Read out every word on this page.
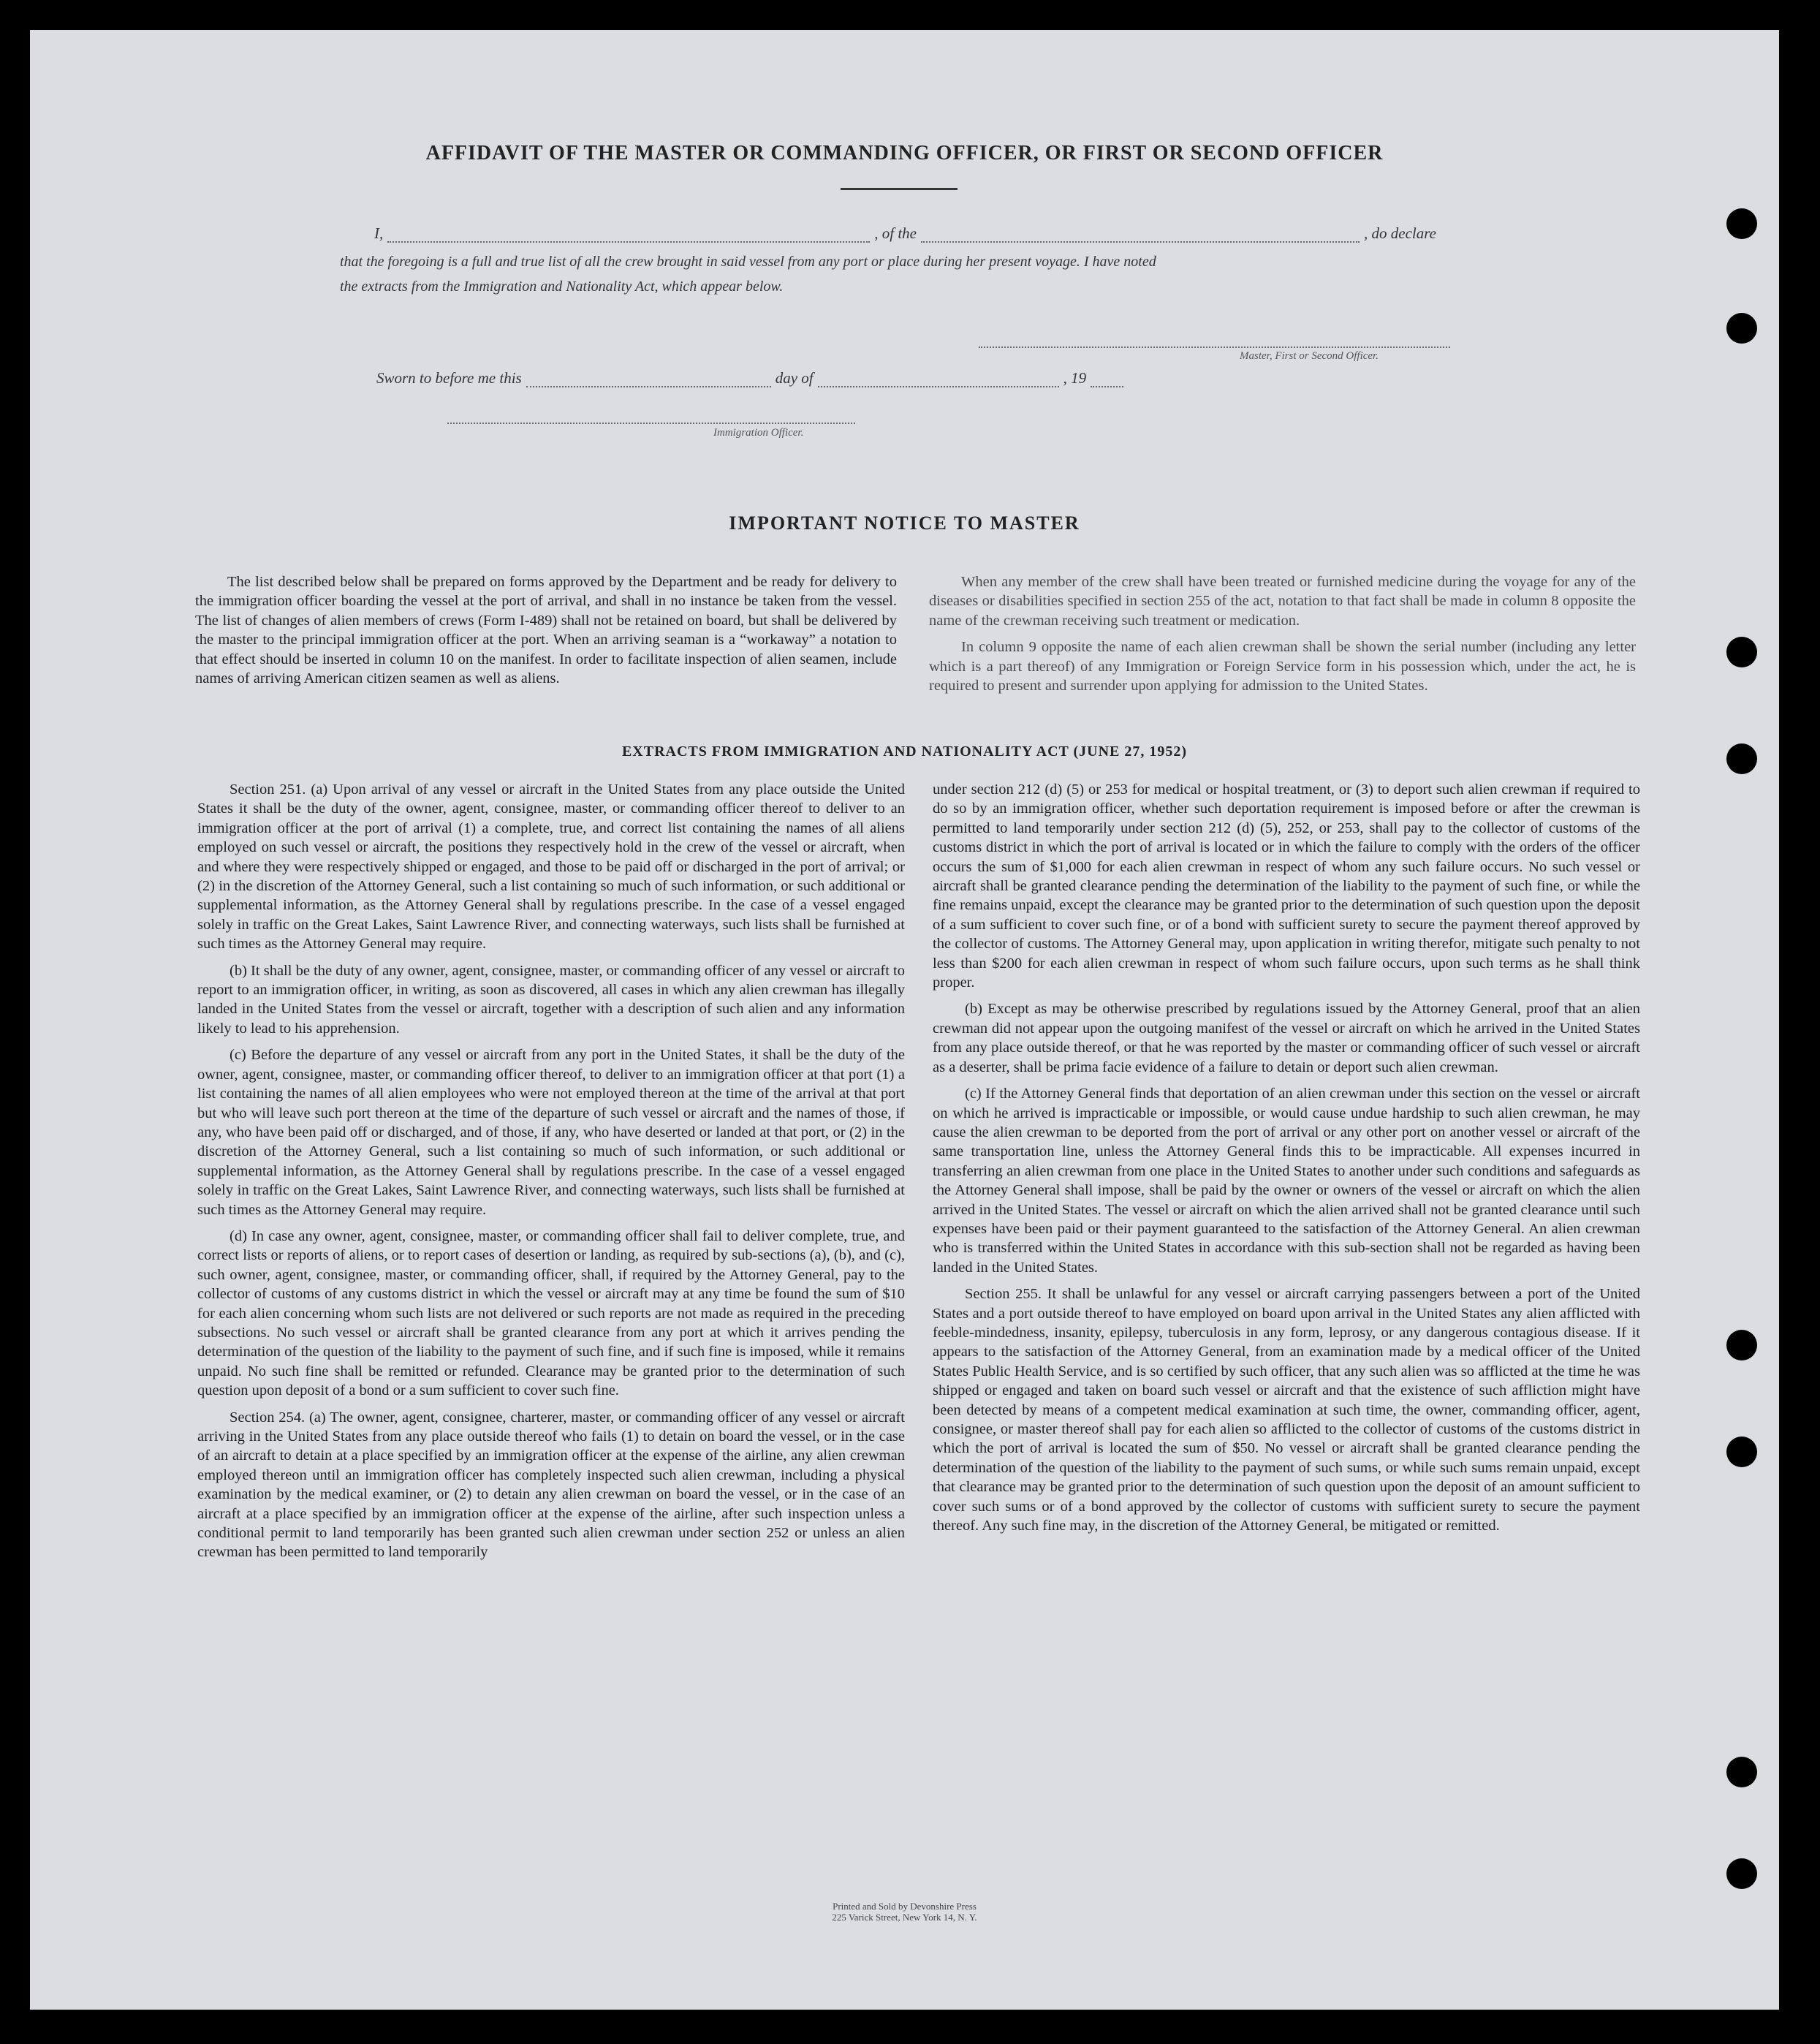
AFFIDAVIT OF THE MASTER OR COMMANDING OFFICER, OR FIRST OR SECOND OFFICER
I,	, of the	, do declare
that the foregoing is a full and true list of all the crew brought in said vessel from any port or place during her present voyage. I have noted
the extracts from the Immigration and Nationality Act, which appear below.
Master, First or Second Officer.
Sworn to before me this	day of	, 19
Immigration Officer.
IMPORTANT NOTICE TO MASTER

The list described below shall be prepared on forms approved by the Department and be ready for delivery to the immigration officer boarding the vessel at the port of arrival, and shall in no instance be taken from the vessel. The list of changes of alien members of crews (Form I-489) shall not be retained on board, but shall be delivered by the master to the principal immigration officer at the port. When an arriving seaman is a “workaway” a notation to that effect should be inserted in column 10 on the manifest. In order to facilitate inspection of alien seamen, include names of arriving American citizen seamen as well as aliens.

When any member of the crew shall have been treated or furnished medicine during the voyage for any of the diseases or disabilities specified in section 255 of the act, notation to that fact shall be made in column 8 opposite the name of the crewman receiving such treatment or medication.

In column 9 opposite the name of each alien crewman shall be shown the serial number (including any letter which is a part thereof) of any Immigration or Foreign Service form in his possession which, under the act, he is required to present and surrender upon applying for admission to the United States.

EXTRACTS FROM IMMIGRATION AND NATIONALITY ACT (JUNE 27, 1952)

Section 251. (a) Upon arrival of any vessel or aircraft in the United States from any place outside the United States it shall be the duty of the owner, agent, consignee, master, or commanding officer thereof to deliver to an immigration officer at the port of arrival (1) a complete, true, and correct list containing the names of all aliens employed on such vessel or aircraft, the positions they respectively hold in the crew of the vessel or aircraft, when and where they were respectively shipped or engaged, and those to be paid off or discharged in the port of arrival; or (2) in the discretion of the Attorney General, such a list containing so much of such information, or such additional or supplemental information, as the Attorney General shall by regulations prescribe. In the case of a vessel engaged solely in traffic on the Great Lakes, Saint Lawrence River, and connecting waterways, such lists shall be furnished at such times as the Attorney General may require.

(b) It shall be the duty of any owner, agent, consignee, master, or commanding officer of any vessel or aircraft to report to an immigration officer, in writing, as soon as discovered, all cases in which any alien crewman has illegally landed in the United States from the vessel or aircraft, together with a description of such alien and any information likely to lead to his apprehension.

(c) Before the departure of any vessel or aircraft from any port in the United States, it shall be the duty of the owner, agent, consignee, master, or commanding officer thereof, to deliver to an immigration officer at that port (1) a list containing the names of all alien employees who were not employed thereon at the time of the arrival at that port but who will leave such port thereon at the time of the departure of such vessel or aircraft and the names of those, if any, who have been paid off or discharged, and of those, if any, who have deserted or landed at that port, or (2) in the discretion of the Attorney General, such a list containing so much of such information, or such additional or supplemental information, as the Attorney General shall by regulations prescribe. In the case of a vessel engaged solely in traffic on the Great Lakes, Saint Lawrence River, and connecting waterways, such lists shall be furnished at such times as the Attorney General may require.

(d) In case any owner, agent, consignee, master, or commanding officer shall fail to deliver complete, true, and correct lists or reports of aliens, or to report cases of desertion or landing, as required by sub-sections (a), (b), and (c), such owner, agent, consignee, master, or commanding officer, shall, if required by the Attorney General, pay to the collector of customs of any customs district in which the vessel or aircraft may at any time be found the sum of $10 for each alien concerning whom such lists are not delivered or such reports are not made as required in the preceding subsections. No such vessel or aircraft shall be granted clearance from any port at which it arrives pending the determination of the question of the liability to the payment of such fine, and if such fine is imposed, while it remains unpaid. No such fine shall be remitted or refunded. Clearance may be granted prior to the determination of such question upon deposit of a bond or a sum sufficient to cover such fine.

Section 254. (a) The owner, agent, consignee, charterer, master, or commanding officer of any vessel or aircraft arriving in the United States from any place outside thereof who fails (1) to detain on board the vessel, or in the case of an aircraft to detain at a place specified by an immigration officer at the expense of the airline, any alien crewman employed thereon until an immigration officer has completely inspected such alien crewman, including a physical examination by the medical examiner, or (2) to detain any alien crewman on board the vessel, or in the case of an aircraft at a place specified by an immigration officer at the expense of the airline, after such inspection unless a conditional permit to land temporarily has been granted such alien crewman under section 252 or unless an alien crewman has been permitted to land temporarily

under section 212 (d) (5) or 253 for medical or hospital treatment, or (3) to deport such alien crewman if required to do so by an immigration officer, whether such deportation requirement is imposed before or after the crewman is permitted to land temporarily under section 212 (d) (5), 252, or 253, shall pay to the collector of customs of the customs district in which the port of arrival is located or in which the failure to comply with the orders of the officer occurs the sum of $1,000 for each alien crewman in respect of whom any such failure occurs. No such vessel or aircraft shall be granted clearance pending the determination of the liability to the payment of such fine, or while the fine remains unpaid, except the clearance may be granted prior to the determination of such question upon the deposit of a sum sufficient to cover such fine, or of a bond with sufficient surety to secure the payment thereof approved by the collector of customs. The Attorney General may, upon application in writing therefor, mitigate such penalty to not less than $200 for each alien crewman in respect of whom such failure occurs, upon such terms as he shall think proper.

(b) Except as may be otherwise prescribed by regulations issued by the Attorney General, proof that an alien crewman did not appear upon the outgoing manifest of the vessel or aircraft on which he arrived in the United States from any place outside thereof, or that he was reported by the master or commanding officer of such vessel or aircraft as a deserter, shall be prima facie evidence of a failure to detain or deport such alien crewman.

(c) If the Attorney General finds that deportation of an alien crewman under this section on the vessel or aircraft on which he arrived is impracticable or impossible, or would cause undue hardship to such alien crewman, he may cause the alien crewman to be deported from the port of arrival or any other port on another vessel or aircraft of the same transportation line, unless the Attorney General finds this to be impracticable. All expenses incurred in transferring an alien crewman from one place in the United States to another under such conditions and safeguards as the Attorney General shall impose, shall be paid by the owner or owners of the vessel or aircraft on which the alien arrived in the United States. The vessel or aircraft on which the alien arrived shall not be granted clearance until such expenses have been paid or their payment guaranteed to the satisfaction of the Attorney General. An alien crewman who is transferred within the United States in accordance with this sub-section shall not be regarded as having been landed in the United States.

Section 255. It shall be unlawful for any vessel or aircraft carrying passengers between a port of the United States and a port outside thereof to have employed on board upon arrival in the United States any alien afflicted with feeble-mindedness, insanity, epilepsy, tuberculosis in any form, leprosy, or any dangerous contagious disease. If it appears to the satisfaction of the Attorney General, from an examination made by a medical officer of the United States Public Health Service, and is so certified by such officer, that any such alien was so afflicted at the time he was shipped or engaged and taken on board such vessel or aircraft and that the existence of such affliction might have been detected by means of a competent medical examination at such time, the owner, commanding officer, agent, consignee, or master thereof shall pay for each alien so afflicted to the collector of customs of the customs district in which the port of arrival is located the sum of $50. No vessel or aircraft shall be granted clearance pending the determination of the question of the liability to the payment of such sums, or while such sums remain unpaid, except that clearance may be granted prior to the determination of such question upon the deposit of an amount sufficient to cover such sums or of a bond approved by the collector of customs with sufficient surety to secure the payment thereof. Any such fine may, in the discretion of the Attorney General, be mitigated or remitted.

Printed and Sold by Devonshire Press
225 Varick Street, New York 14, N. Y.
